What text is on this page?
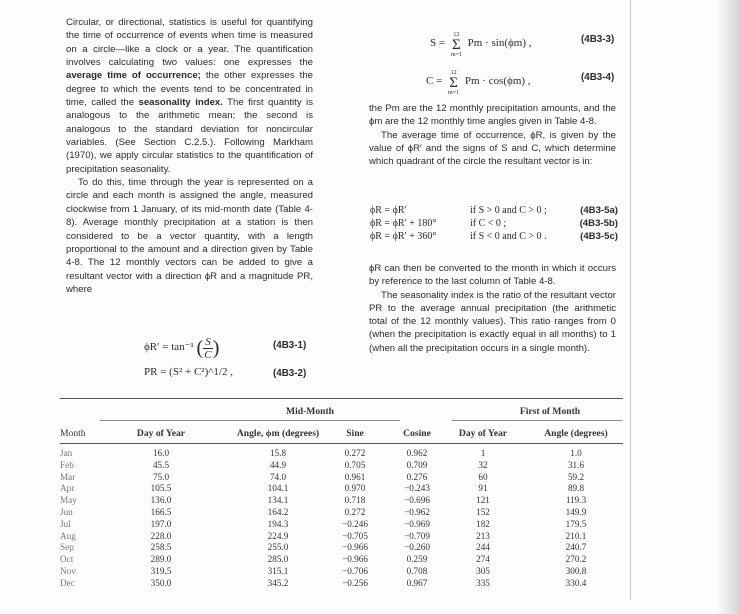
Circular, or directional, statistics is useful for quantifying the time of occurrence of events when time is measured on a circle—like a clock or a year. The quantification involves calculating two values: one expresses the average time of occurrence; the other expresses the degree to which the events tend to be concentrated in time, called the seasonality index. The first quantity is analogous to the arithmetic mean; the second is analogous to the standard deviation for noncircular variables. (See Section C.2.5.). Following Markham (1970), we apply circular statistics to the quantification of precipitation seasonality.

To do this, time through the year is represented on a circle and each month is assigned the angle, measured clockwise from 1 January, of its mid-month date (Table 4-8). Average monthly precipitation at a station is then considered to be a vector quantity, with a length proportional to the amount and a direction given by Table 4-8. The 12 monthly vectors can be added to give a resultant vector with a direction ϕR and a magnitude PR, where

ϕR′ = tan⁻¹ ( $\frac{S}{C}$ )	(4B3-1)
PR = (S² + C²)^1/2 ,	(4B3-2)
S =
12
Σ
m=1
Pm · sin(ϕm) ,	(4B3-3)
C =
12
Σ
m=1
Pm · cos(ϕm) ,	(4B3-4)

the Pm are the 12 monthly precipitation amounts, and the ϕm are the 12 monthly time angles given in Table 4-8.

The average time of occurrence, ϕR, is given by the value of ϕR′ and the signs of S and C, which determine which quadrant of the circle the resultant vector is in:

ϕR = ϕR′	if S > 0 and C > 0 ;	(4B3-5a)
ϕR = ϕR′ + 180°	if C < 0 ;	(4B3-5b)
ϕR = ϕR′ + 360°	if S < 0 and C > 0 .	(4B3-5c)

ϕR can then be converted to the month in which it occurs by reference to the last column of Table 4-8.

The seasonality index is the ratio of the resultant vector PR to the average annual precipitation (the arithmetic total of the 12 monthly values). This ratio ranges from 0 (when the precipitation is exactly equal in all months) to 1 (when all the precipitation occurs in a single month).

Mid-Month	First of Month
Month	Day of Year	Angle, ϕm (degrees)	Sine	Cosine	Day of Year	Angle (degrees)
Jan	16.0	15.8	0.272	0.962	1	1.0
Feb	45.5	44.9	0.705	0.709	32	31.6
Mar	75.0	74.0	0.961	0.276	60	59.2
Apr	105.5	104.1	0.970	−0.243	91	89.8
May	136.0	134.1	0.718	−0.696	121	119.3
Jun	166.5	164.2	0.272	−0.962	152	149.9
Jul	197.0	194.3	−0.246	−0.969	182	179.5
Aug	228.0	224.9	−0.705	−0.709	213	210.1
Sep	258.5	255.0	−0.966	−0.260	244	240.7
Oct	289.0	285.0	−0.966	0.259	274	270.2
Nov	319.5	315.1	−0.706	0.708	305	300.8
Dec	350.0	345.2	−0.256	0.967	335	330.4
